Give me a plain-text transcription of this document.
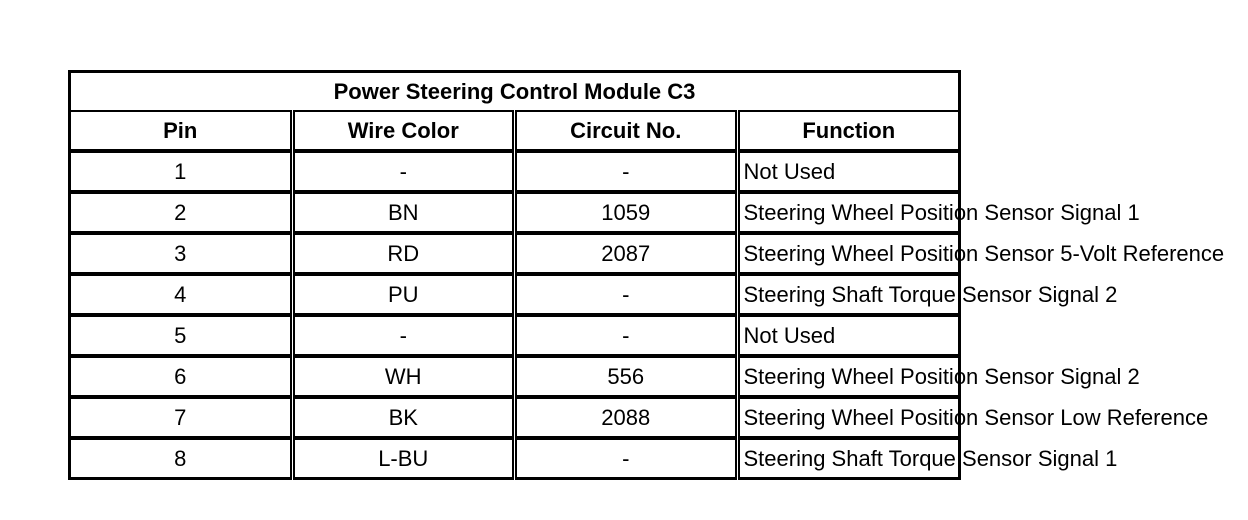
Power Steering Control Module C3			
Pin	Wire Color	Circuit No.	Function
1	-	-	Not Used
2	BN	1059	Steering Wheel Position Sensor Signal 1
3	RD	2087	Steering Wheel Position Sensor 5-Volt Reference
4	PU	-	Steering Shaft Torque Sensor Signal 2
5	-	-	Not Used
6	WH	556	Steering Wheel Position Sensor Signal 2
7	BK	2088	Steering Wheel Position Sensor Low Reference
8	L-BU	-	Steering Shaft Torque Sensor Signal 1
